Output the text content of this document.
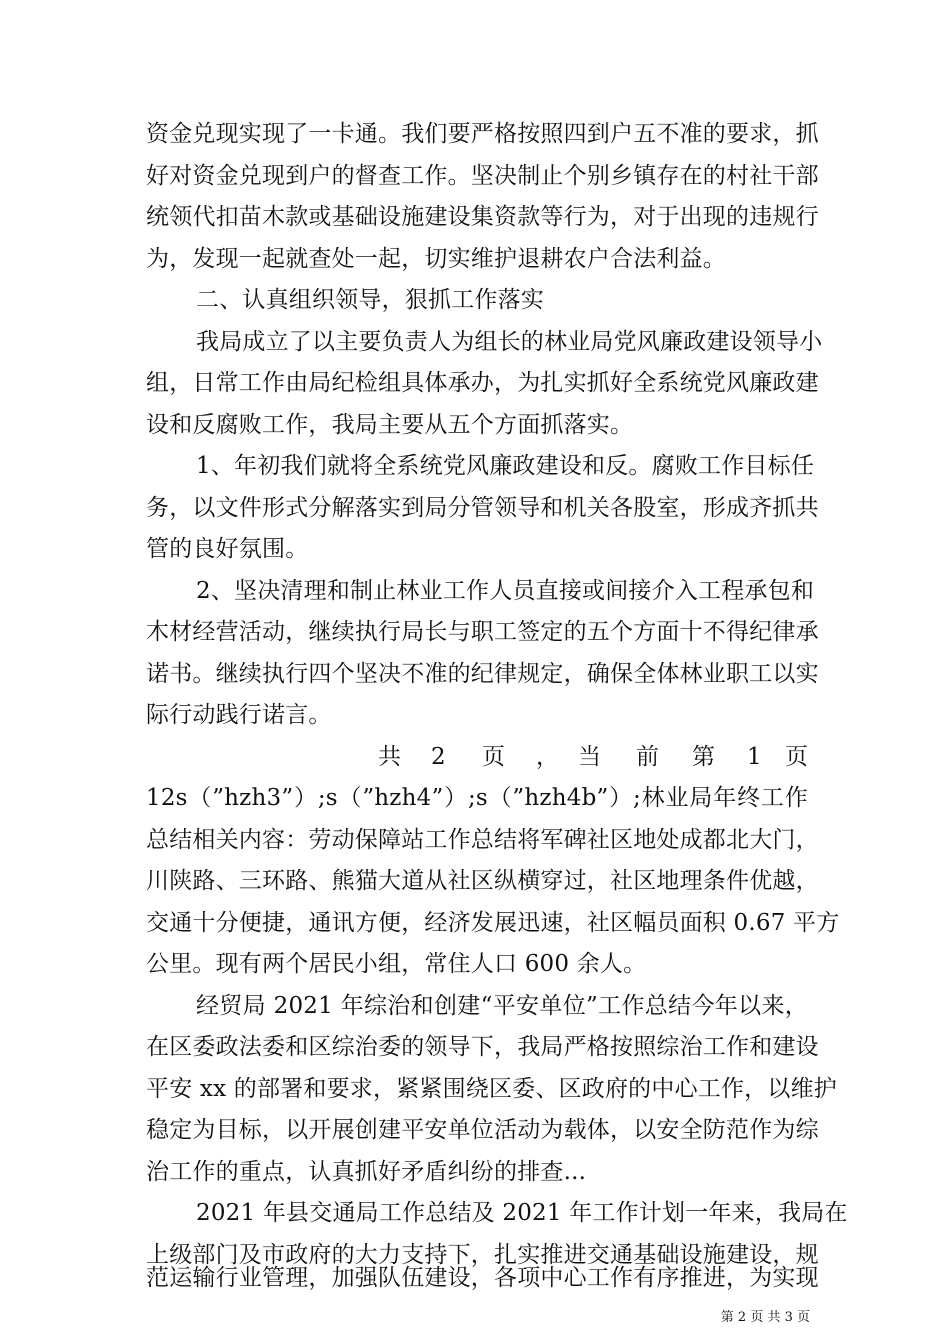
资金兑现实现了一卡通。我们要严格按照四到户五不准的要求，抓
好对资金兑现到户的督查工作。坚决制止个别乡镇存在的村社干部
统领代扣苗木款或基础设施建设集资款等行为，对于出现的违规行
为，发现一起就查处一起，切实维护退耕农户合法利益。
二、认真组织领导，狠抓工作落实
我局成立了以主要负责人为组长的林业局党风廉政建设领导小
组，日常工作由局纪检组具体承办，为扎实抓好全系统党风廉政建
设和反腐败工作，我局主要从五个方面抓落实。
1、年初我们就将全系统党风廉政建设和反。腐败工作目标任
务，以文件形式分解落实到局分管领导和机关各股室，形成齐抓共
管的良好氛围。
2、坚决清理和制止林业工作人员直接或间接介入工程承包和
木材经营活动，继续执行局长与职工签定的五个方面十不得纪律承
诺书。继续执行四个坚决不准的纪律规定，确保全体林业职工以实
际行动践行诺言。
共 2 页 ， 当 前 第 1 页
12s（”hzh3”）;s（”hzh4”）;s（”hzh4b”）;林业局年终工作
总结相关内容：劳动保障站工作总结将军碑社区地处成都北大门，
川陕路、三环路、熊猫大道从社区纵横穿过，社区地理条件优越，
交通十分便捷，通讯方便，经济发展迅速，社区幅员面积 0.67 平方
公里。现有两个居民小组，常住人口 600 余人。
经贸局 2021 年综治和创建“平安单位”工作总结今年以来，
在区委政法委和区综治委的领导下，我局严格按照综治工作和建设
平安 xx 的部署和要求，紧紧围绕区委、区政府的中心工作，以维护
稳定为目标，以开展创建平安单位活动为载体，以安全防范作为综
治工作的重点，认真抓好矛盾纠纷的排查...
2021 年县交通局工作总结及 2021 年工作计划一年来，我局在
上级部门及市政府的大力支持下，扎实推进交通基础设施建设，规
范运输行业管理，加强队伍建设，各项中心工作有序推进，为实现
第 2 页 共 3 页
